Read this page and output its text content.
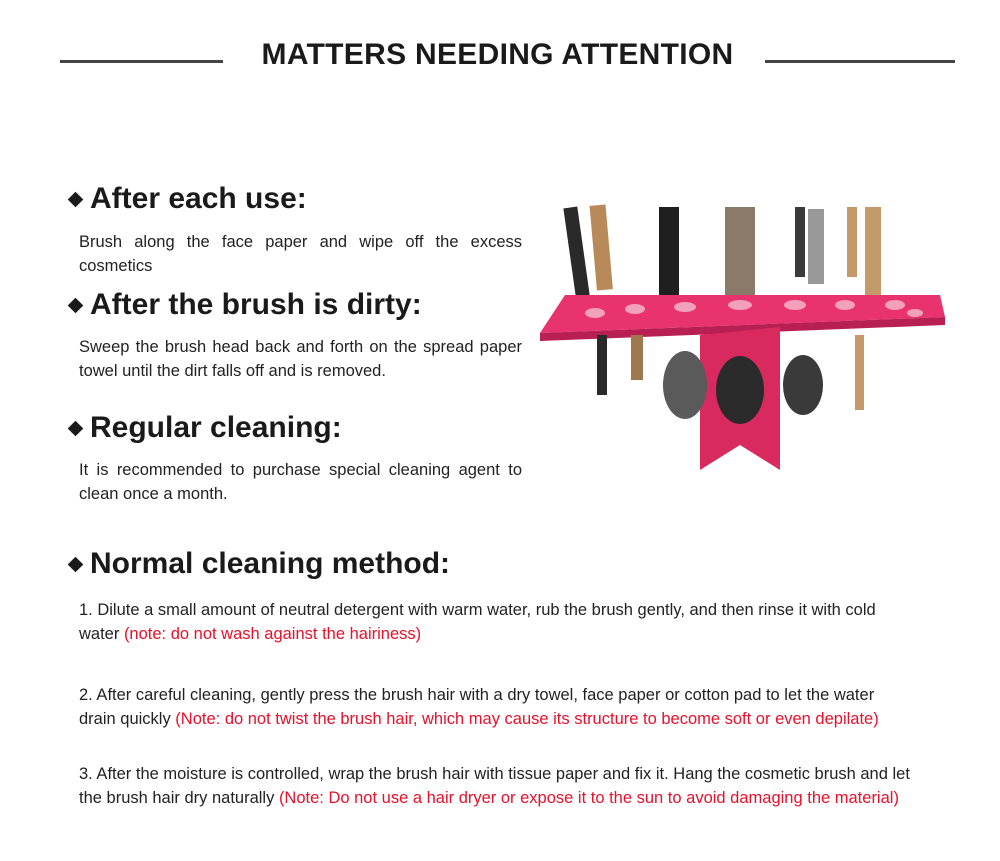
MATTERS NEEDING ATTENTION
After each use:
Brush along the face paper and wipe off the excess cosmetics
After the brush is dirty:
Sweep the brush head back and forth on the spread paper towel until the dirt falls off and is removed.
Regular cleaning:
It is recommended to purchase special cleaning agent to clean once a month.
Normal cleaning method:
1. Dilute a small amount of neutral detergent with warm water, rub the brush gently, and then rinse it with cold water (note: do not wash against the hairiness)
2. After careful cleaning, gently press the brush hair with a dry towel, face paper or cotton pad to let the water drain quickly (Note: do not twist the brush hair, which may cause its structure to become soft or even depilate)
3. After the moisture is controlled, wrap the brush hair with tissue paper and fix it. Hang the cosmetic brush and let the brush hair dry naturally (Note: Do not use a hair dryer or expose it to the sun to avoid damaging the material)
